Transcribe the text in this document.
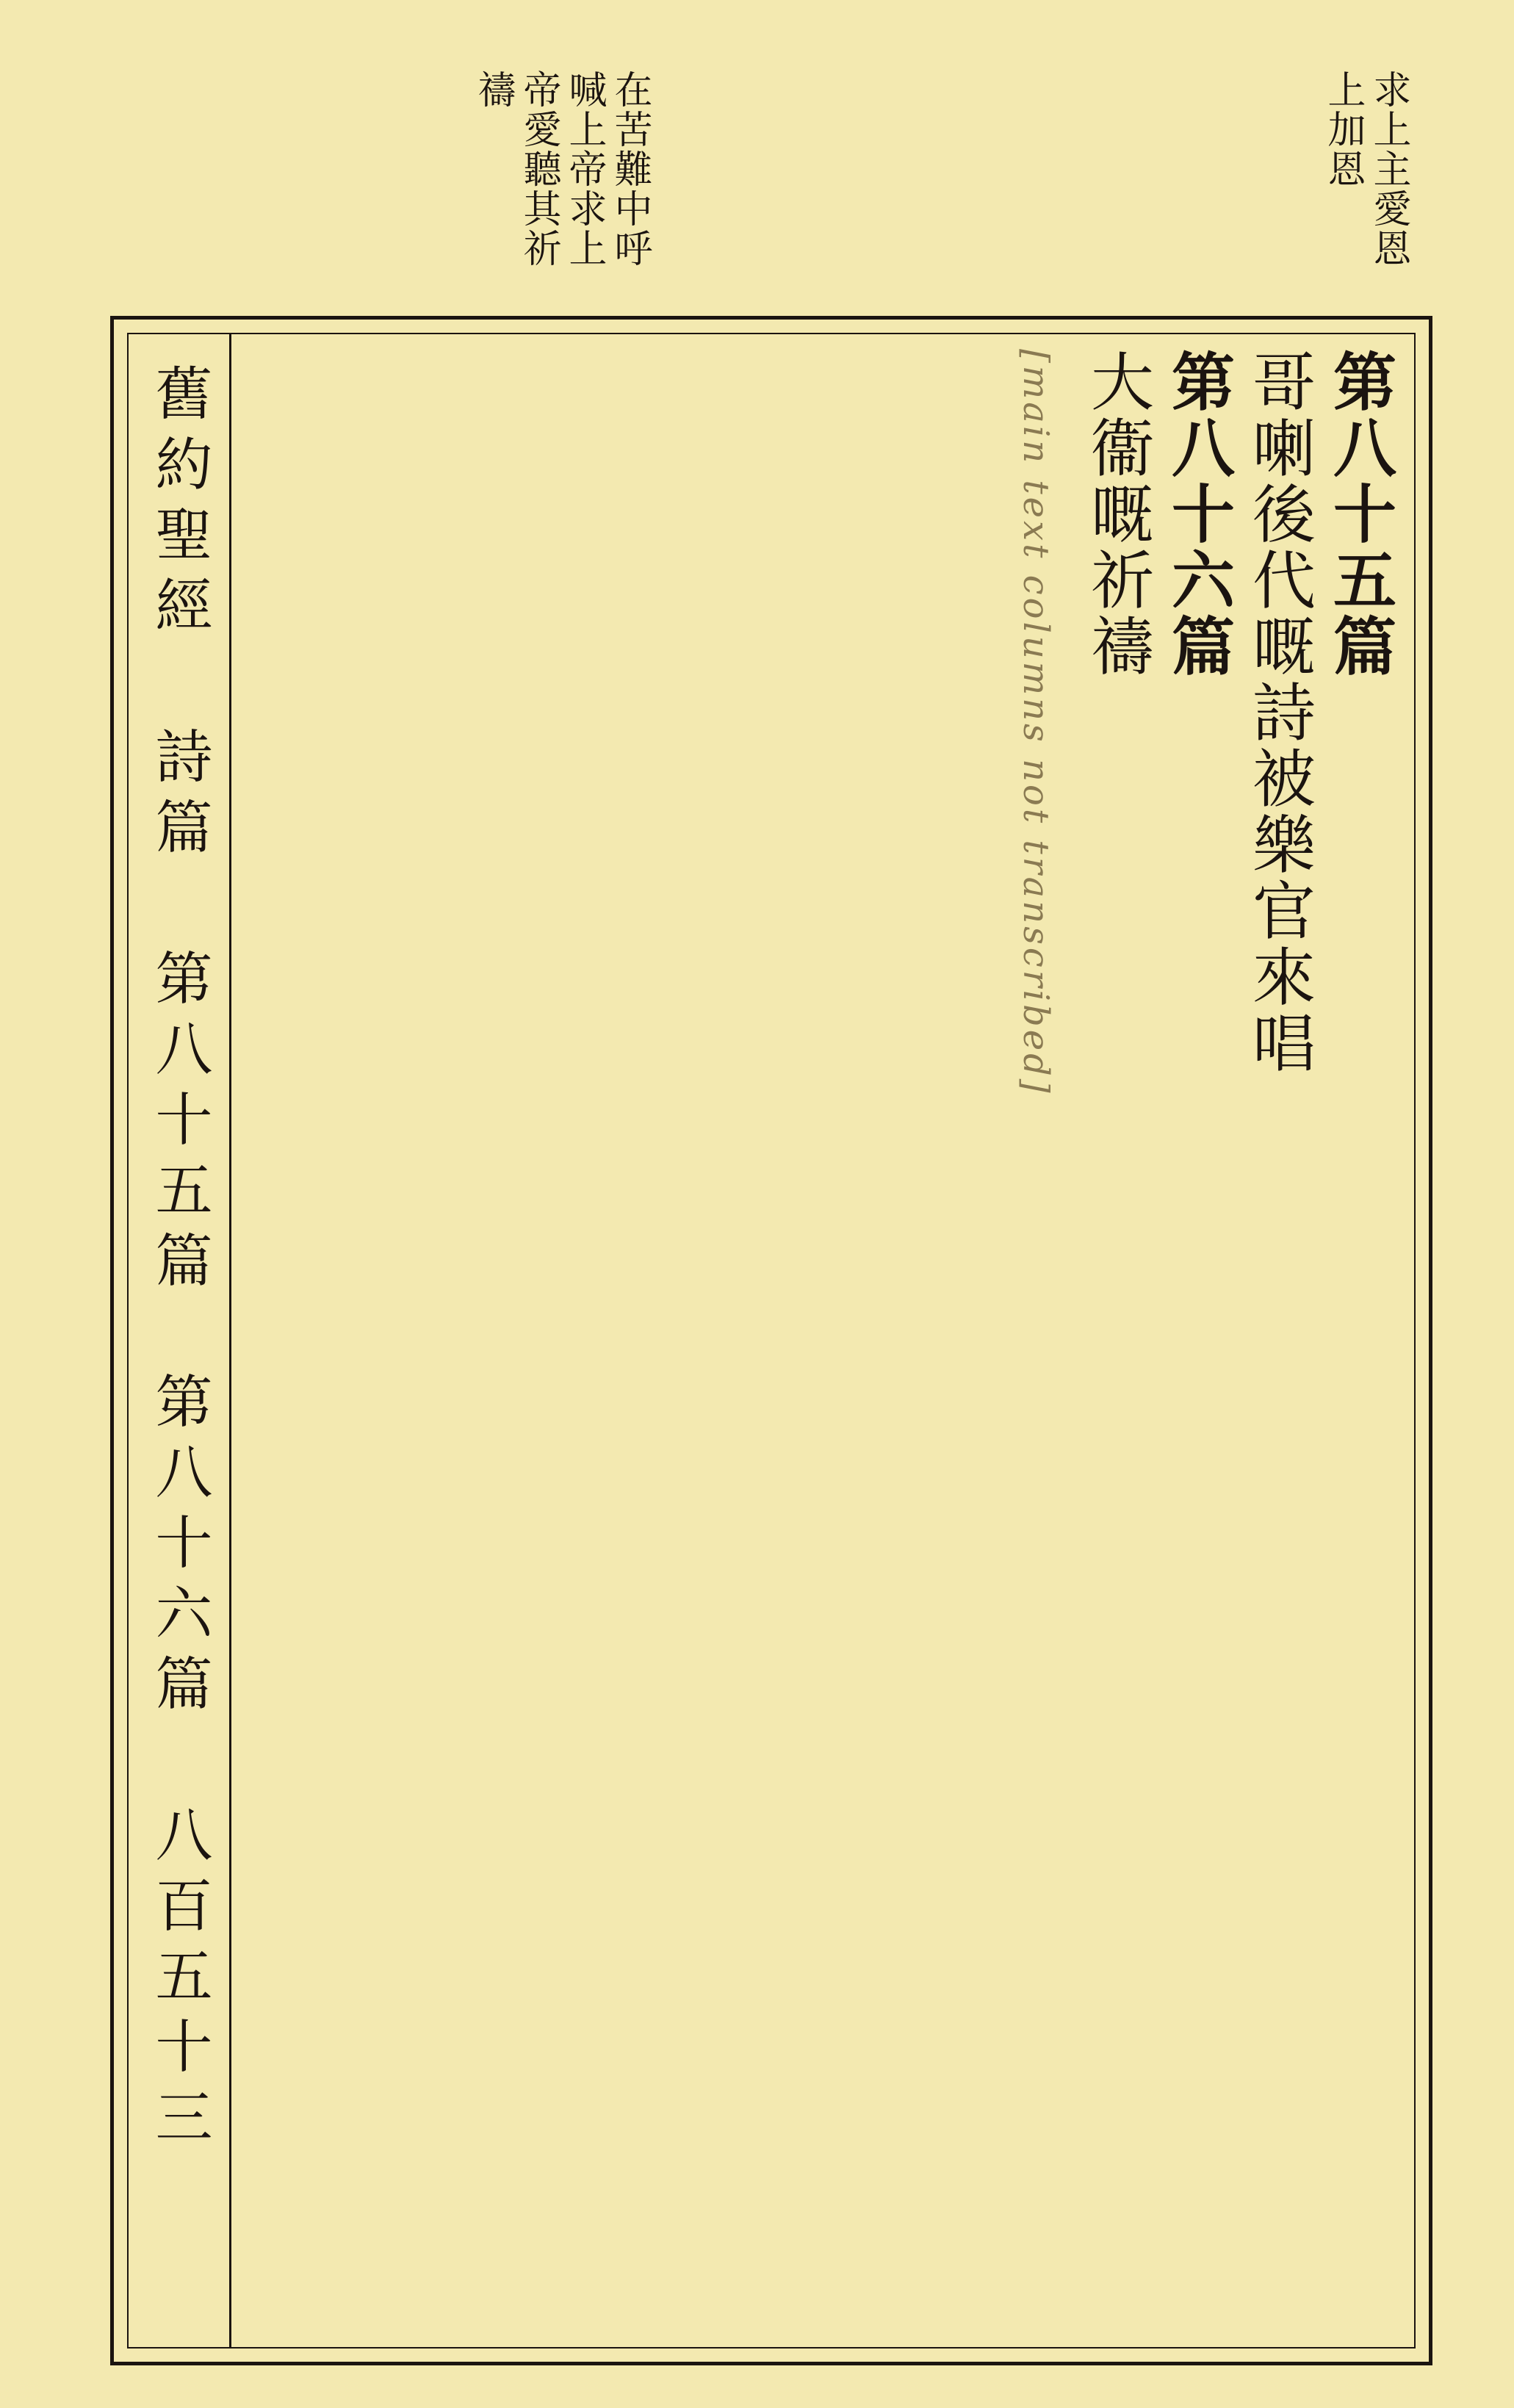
求上主愛恩
上加恩
在苦難中呼
喊上帝求上
帝愛聽其祈
禱
舊約聖經
詩篇
第八十五篇　第八十六篇
八百五十三
第八十五篇
哥喇後代嘅詩被樂官來唱
第八十六篇
大衞嘅祈禱
[main text columns not transcribed]
